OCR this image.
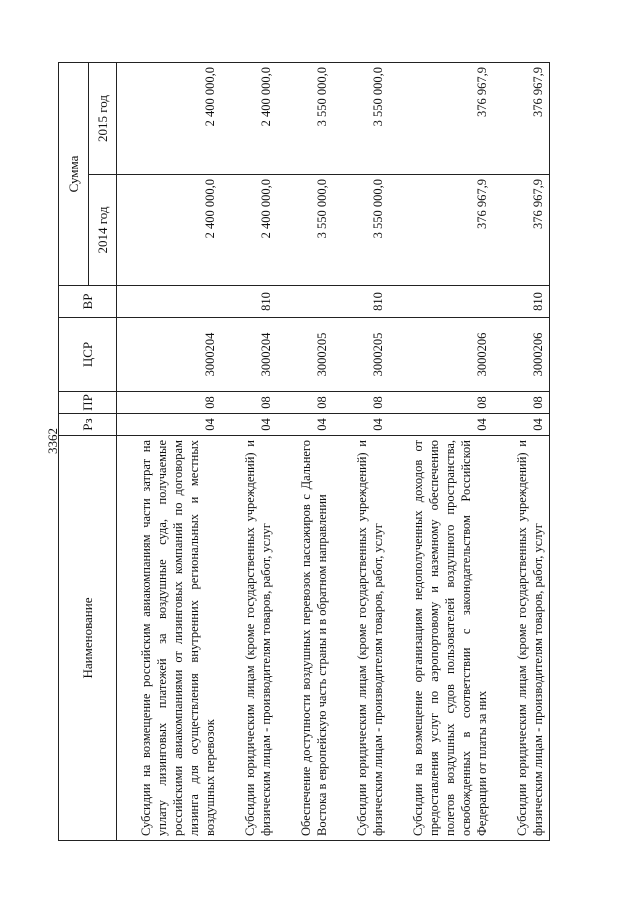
3362
Наименование	Рз	ПР	ЦСР	ВР	Сумма	
					2014 год	2015 год
Субсидии на возмещение российским авиакомпаниям части затрат на уплату лизинговых платежей за воздушные суда, получаемые российскими авиакомпаниями от лизинговых компаний по договорам лизинга для осуществления внутренних региональных и местных воздушных перевозок	04	08	3000204		2 400 000,0	2 400 000,0
Субсидии юридическим лицам (кроме государственных учреждений) и физическим лицам - производителям товаров, работ, услуг	04	08	3000204	810	2 400 000,0	2 400 000,0
Обеспечение доступности воздушных перевозок пассажиров с Дальнего Востока в европейскую часть страны и в обратном направлении	04	08	3000205		3 550 000,0	3 550 000,0
Субсидии юридическим лицам (кроме государственных учреждений) и физическим лицам - производителям товаров, работ, услуг	04	08	3000205	810	3 550 000,0	3 550 000,0
Субсидии на возмещение организациям недополученных доходов от предоставления услуг по аэропортовому и наземному обеспечению полетов воздушных судов пользователей воздушного пространства, освобожденных в соответствии с законодательством Российской Федерации от платы за них	04	08	3000206		376 967,9	376 967,9
Субсидии юридическим лицам (кроме государственных учреждений) и физическим лицам - производителям товаров, работ, услуг	04	08	3000206	810	376 967,9	376 967,9
